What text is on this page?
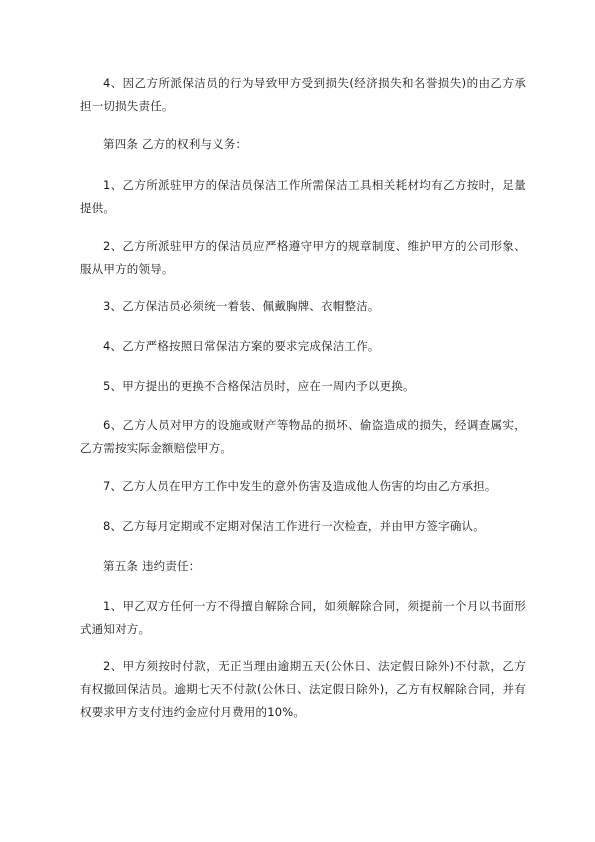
4、因乙方所派保洁员的行为导致甲方受到损失(经济损失和名誉损失)的由乙方承担一切损失责任。

第四条 乙方的权利与义务：

1、乙方所派驻甲方的保洁员保洁工作所需保洁工具相关耗材均有乙方按时，足量提供。

2、乙方所派驻甲方的保洁员应严格遵守甲方的规章制度、维护甲方的公司形象、服从甲方的领导。

3、乙方保洁员必须统一着装、佩戴胸牌、衣帽整洁。

4、乙方严格按照日常保洁方案的要求完成保洁工作。

5、甲方提出的更换不合格保洁员时，应在一周内予以更换。

6、乙方人员对甲方的设施或财产等物品的损坏、偷盗造成的损失，经调查属实，乙方需按实际金额赔偿甲方。

7、乙方人员在甲方工作中发生的意外伤害及造成他人伤害的均由乙方承担。

8、乙方每月定期或不定期对保洁工作进行一次检查，并由甲方签字确认。

第五条 违约责任：

1、甲乙双方任何一方不得擅自解除合同，如须解除合同，须提前一个月以书面形式通知对方。

2、甲方须按时付款，无正当理由逾期五天(公休日、法定假日除外)不付款，乙方有权撤回保洁员。逾期七天不付款(公休日、法定假日除外)，乙方有权解除合同，并有权要求甲方支付违约金应付月费用的10%。
